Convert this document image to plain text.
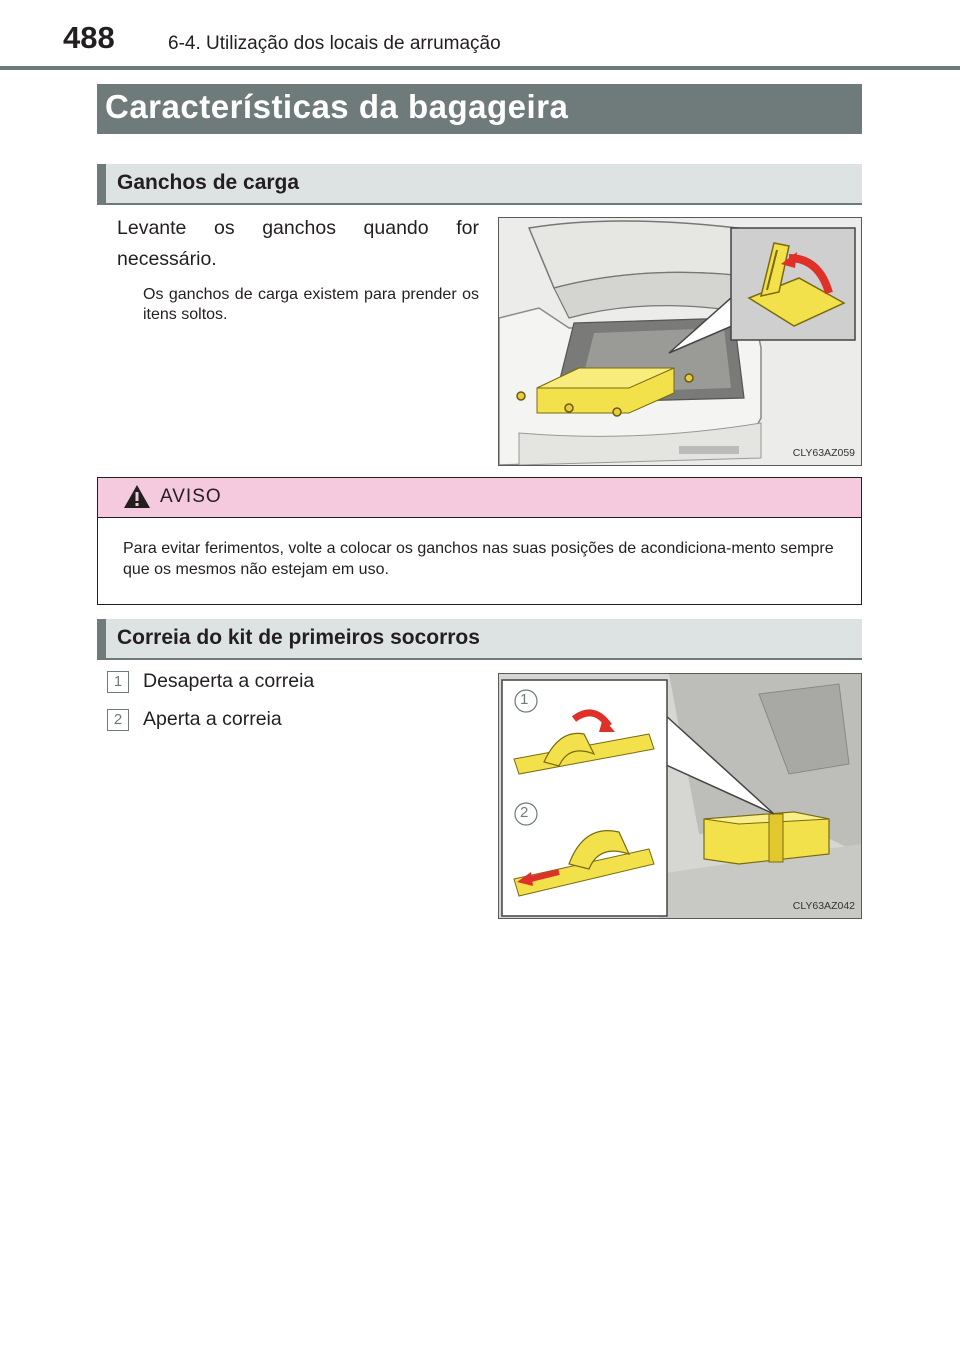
488	6-4. Utilização dos locais de arrumação
Características da bagageira
Ganchos de carga
Levante os ganchos quando for necessário.
Os ganchos de carga existem para prender os itens soltos.
CLY63AZ059
AVISO
Para evitar ferimentos, volte a colocar os ganchos nas suas posições de acondiciona-mento sempre que os mesmos não estejam em uso.
Correia do kit de primeiros socorros
1	Desaperta a correia
2	Aperta a correia
1
2
CLY63AZ042
